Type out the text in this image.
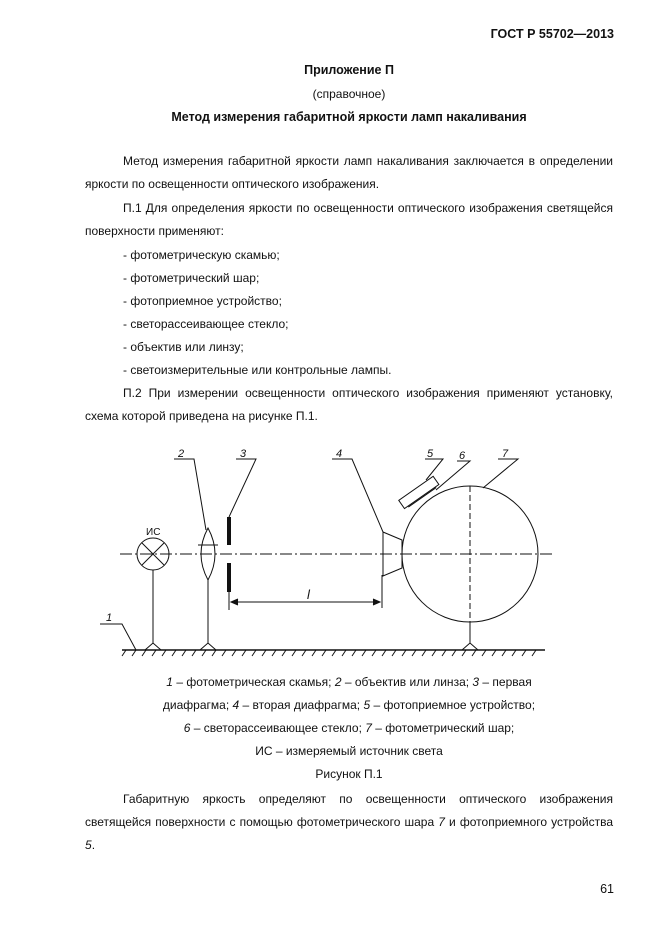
ГОСТ Р 55702—2013
Приложение П
(справочное)
Метод измерения габаритной яркости ламп накаливания
Метод измерения габаритной яркости ламп накаливания заключается в определении яркости по освещенности оптического изображения.
П.1 Для определения яркости по освещенности оптического изображения светящейся поверхности применяют:
- фотометрическую скамью;
- фотометрический шар;
- фотоприемное устройство;
- светорассеивающее стекло;
- объектив или линзу;
- светоизмерительные или контрольные лампы.
П.2 При измерении освещенности оптического изображения применяют установку, схема которой приведена на рисунке П.1.
1
2	3	4	5 6	7
l
ИС
1 – фотометрическая скамья; 2 – объектив или линза; 3 – первая
диафрагма; 4 – вторая диафрагма; 5 – фотоприемное устройство;
6 – светорассеивающее стекло; 7 – фотометрический шар;
ИС – измеряемый источник света
Рисунок П.1
Габаритную яркость определяют по освещенности оптического изображения светящейся поверхности с помощью фотометрического шара 7 и фотоприемного устройства 5.
61
